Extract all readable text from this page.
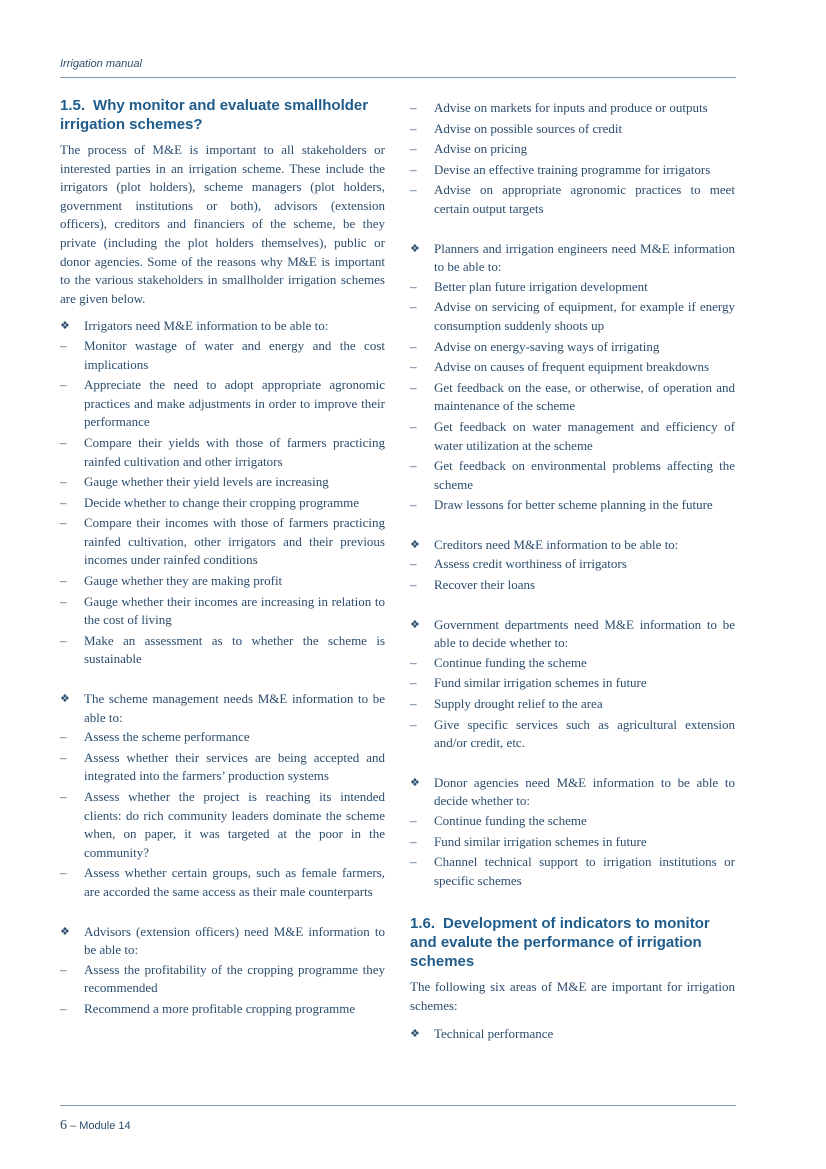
Irrigation manual
1.5. Why monitor and evaluate smallholder irrigation schemes?

The process of M&E is important to all stakeholders or interested parties in an irrigation scheme. These include the irrigators (plot holders), scheme managers (plot holders, government institutions or both), advisors (extension officers), creditors and financiers of the scheme, be they private (including the plot holders themselves), public or donor agencies. Some of the reasons why M&E is important to the various stakeholders in smallholder irrigation schemes are given below.

❖ Irrigators need M&E information to be able to:
– Monitor wastage of water and energy and the cost implications
– Appreciate the need to adopt appropriate agronomic practices and make adjustments in order to improve their performance
– Compare their yields with those of farmers practicing rainfed cultivation and other irrigators
– Gauge whether their yield levels are increasing
– Decide whether to change their cropping programme
– Compare their incomes with those of farmers practicing rainfed cultivation, other irrigators and their previous incomes under rainfed conditions
– Gauge whether they are making profit
– Gauge whether their incomes are increasing in relation to the cost of living
– Make an assessment as to whether the scheme is sustainable
❖ The scheme management needs M&E information to be able to:
– Assess the scheme performance
– Assess whether their services are being accepted and integrated into the farmers’ production systems
– Assess whether the project is reaching its intended clients: do rich community leaders dominate the scheme when, on paper, it was targeted at the poor in the community?
– Assess whether certain groups, such as female farmers, are accorded the same access as their male counterparts
❖ Advisors (extension officers) need M&E information to be able to:
– Assess the profitability of the cropping programme they recommended
– Recommend a more profitable cropping programme
– Advise on markets for inputs and produce or outputs
– Advise on possible sources of credit
– Advise on pricing
– Devise an effective training programme for irrigators
– Advise on appropriate agronomic practices to meet certain output targets
❖ Planners and irrigation engineers need M&E information to be able to:
– Better plan future irrigation development
– Advise on servicing of equipment, for example if energy consumption suddenly shoots up
– Advise on energy-saving ways of irrigating
– Advise on causes of frequent equipment breakdowns
– Get feedback on the ease, or otherwise, of operation and maintenance of the scheme
– Get feedback on water management and efficiency of water utilization at the scheme
– Get feedback on environmental problems affecting the scheme
– Draw lessons for better scheme planning in the future
❖ Creditors need M&E information to be able to:
– Assess credit worthiness of irrigators
– Recover their loans
❖ Government departments need M&E information to be able to decide whether to:
– Continue funding the scheme
– Fund similar irrigation schemes in future
– Supply drought relief to the area
– Give specific services such as agricultural extension and/or credit, etc.
❖ Donor agencies need M&E information to be able to decide whether to:
– Continue funding the scheme
– Fund similar irrigation schemes in future
– Channel technical support to irrigation institutions or specific schemes
1.6. Development of indicators to monitor and evalute the performance of irrigation schemes

The following six areas of M&E are important for irrigation schemes:

❖ Technical performance
6 – Module 14
